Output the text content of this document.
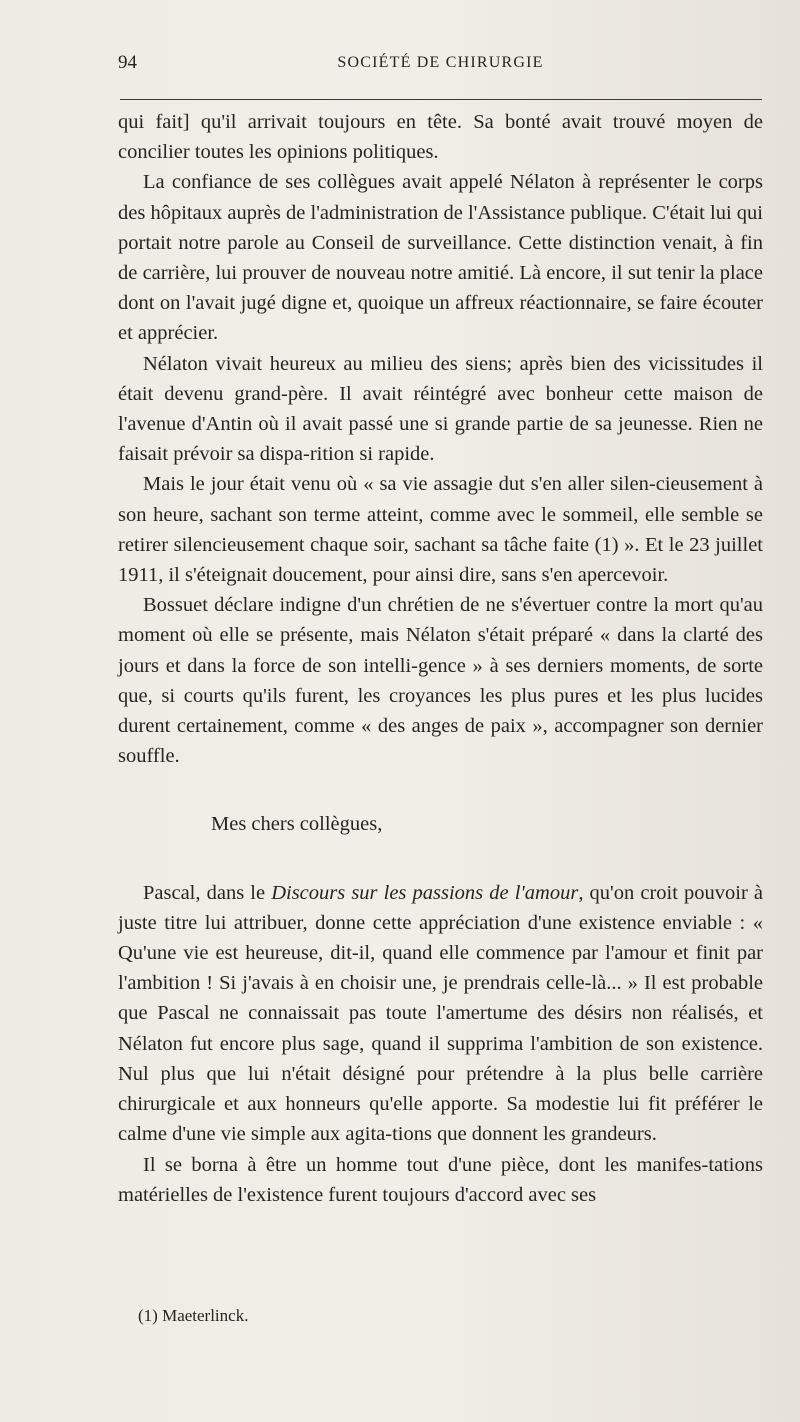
94	SOCIÉTÉ DE CHIRURGIE

qui fait] qu'il arrivait toujours en tête. Sa bonté avait trouvé moyen de concilier toutes les opinions politiques.

La confiance de ses collègues avait appelé Nélaton à représenter le corps des hôpitaux auprès de l'administration de l'Assistance publique. C'était lui qui portait notre parole au Conseil de surveillance. Cette distinction venait, à fin de carrière, lui prouver de nouveau notre amitié. Là encore, il sut tenir la place dont on l'avait jugé digne et, quoique un affreux réactionnaire, se faire écouter et apprécier.

Nélaton vivait heureux au milieu des siens; après bien des vicissitudes il était devenu grand-père. Il avait réintégré avec bonheur cette maison de l'avenue d'Antin où il avait passé une si grande partie de sa jeunesse. Rien ne faisait prévoir sa dispa-rition si rapide.

Mais le jour était venu où « sa vie assagie dut s'en aller silen-cieusement à son heure, sachant son terme atteint, comme avec le sommeil, elle semble se retirer silencieusement chaque soir, sachant sa tâche faite (1) ». Et le 23 juillet 1911, il s'éteignait doucement, pour ainsi dire, sans s'en apercevoir.

Bossuet déclare indigne d'un chrétien de ne s'évertuer contre la mort qu'au moment où elle se présente, mais Nélaton s'était préparé « dans la clarté des jours et dans la force de son intelli-gence » à ses derniers moments, de sorte que, si courts qu'ils furent, les croyances les plus pures et les plus lucides durent certainement, comme « des anges de paix », accompagner son dernier souffle.

Mes chers collègues,

Pascal, dans le Discours sur les passions de l'amour, qu'on croit pouvoir à juste titre lui attribuer, donne cette appréciation d'une existence enviable : « Qu'une vie est heureuse, dit-il, quand elle commence par l'amour et finit par l'ambition ! Si j'avais à en choisir une, je prendrais celle-là... » Il est probable que Pascal ne connaissait pas toute l'amertume des désirs non réalisés, et Nélaton fut encore plus sage, quand il supprima l'ambition de son existence. Nul plus que lui n'était désigné pour prétendre à la plus belle carrière chirurgicale et aux honneurs qu'elle apporte. Sa modestie lui fit préférer le calme d'une vie simple aux agita-tions que donnent les grandeurs.

Il se borna à être un homme tout d'une pièce, dont les manifes-tations matérielles de l'existence furent toujours d'accord avec ses

(1) Maeterlinck.
